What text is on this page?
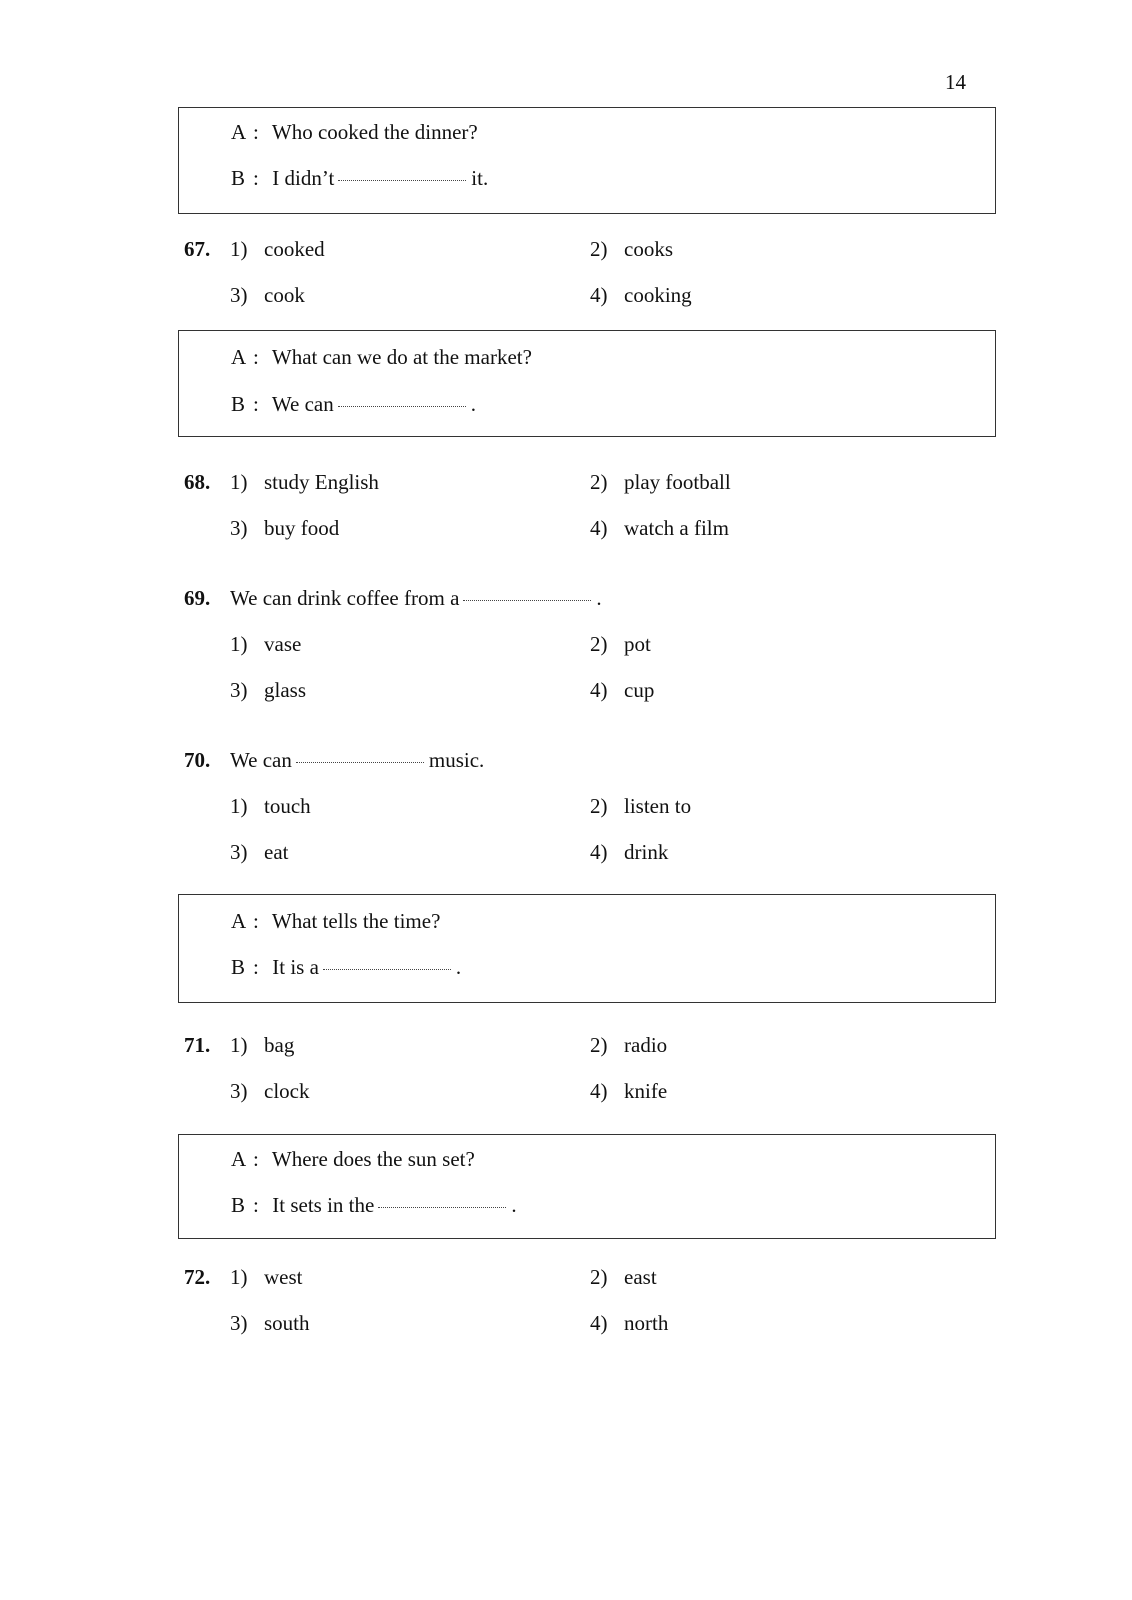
14
A : Who cooked the dinner?
B : I didn’t	it.
67. 1) cooked	2) cooks
3) cook	4) cooking
A : What can we do at the market?
B : We can	.
68. 1) study English	2) play football
3) buy food	4) watch a film
69. We can drink coffee from a	.
1) vase	2) pot
3) glass	4) cup
70. We can	music.
1) touch	2) listen to
3) eat	4) drink
A : What tells the time?
B : It is a	.
71. 1) bag	2) radio
3) clock	4) knife
A : Where does the sun set?
B : It sets in the	.
72. 1) west	2) east
3) south	4) north
